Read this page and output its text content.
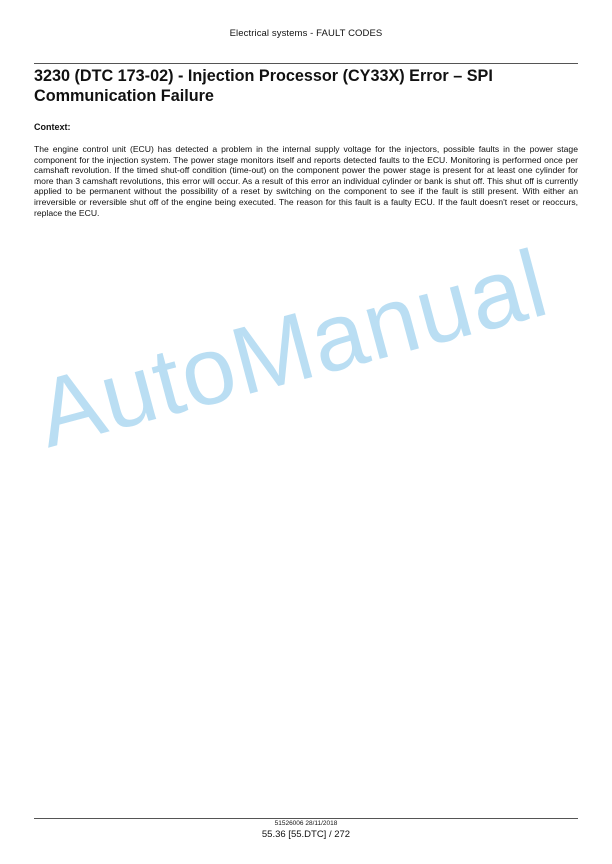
Electrical systems - FAULT CODES
3230 (DTC 173-02) - Injection Processor (CY33X) Error – SPI Communication Failure

Context:

The engine control unit (ECU) has detected a problem in the internal supply voltage for the injectors, possible faults in the power stage component for the injection system. The power stage monitors itself and reports detected faults to the ECU. Monitoring is performed once per camshaft revolution. If the timed shut-off condition (time-out) on the component power the power stage is present for at least one cylinder for more than 3 camshaft revolutions, this error will occur. As a result of this error an individual cylinder or bank is shut off. This shut off is currently applied to be permanent without the possibility of a reset by switching on the component to see if the fault is still present. With either an irreversible or reversible shut off of the engine being executed. The reason for this fault is a faulty ECU. If the fault doesn't reset or reoccurs, replace the ECU.

AutoManual
51526006 28/11/2018
55.36 [55.DTC] / 272
